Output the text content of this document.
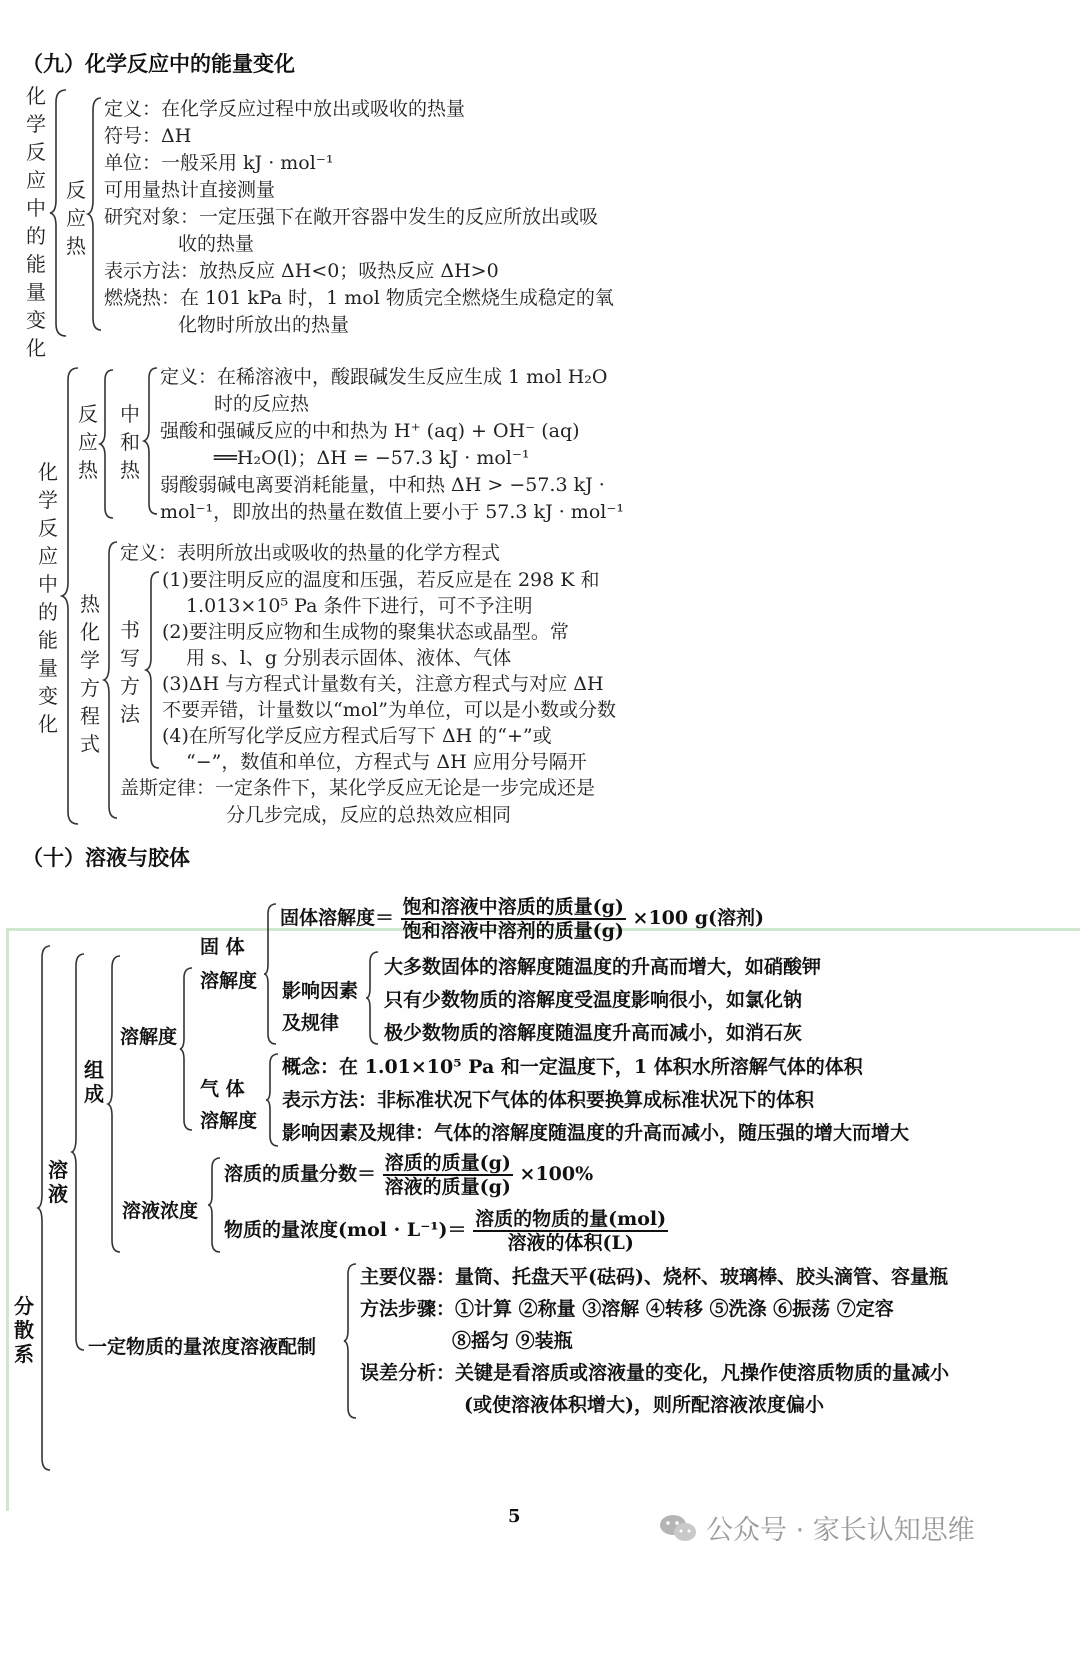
（九）化学反应中的能量变化
化学反应中的能量变化
反应热
定义：在化学反应过程中放出或吸收的热量
符号：ΔH
单位：一般采用 kJ · mol⁻¹
可用量热计直接测量
研究对象：一定压强下在敞开容器中发生的反应所放出或吸
收的热量
表示方法：放热反应 ΔH<0；吸热反应 ΔH>0
燃烧热：在 101 kPa 时，1 mol 物质完全燃烧生成稳定的氧
化物时所放出的热量
化学反应中的能量变化
反应热
中和热
定义：在稀溶液中，酸跟碱发生反应生成 1 mol H₂O
时的反应热
强酸和强碱反应的中和热为 H⁺ (aq) + OH⁻ (aq)
══H₂O(l)；ΔH = −57.3 kJ · mol⁻¹
弱酸弱碱电离要消耗能量，中和热 ΔH > −57.3 kJ ·
mol⁻¹，即放出的热量在数值上要小于 57.3 kJ · mol⁻¹
热化学方程式
定义：表明所放出或吸收的热量的化学方程式
书写方法
(1)要注明反应的温度和压强，若反应是在 298 K 和
1.013×10⁵ Pa 条件下进行，可不予注明
(2)要注明反应物和生成物的聚集状态或晶型。常
用 s、l、g 分别表示固体、液体、气体
(3)ΔH 与方程式计量数有关，注意方程式与对应 ΔH
不要弄错，计量数以“mol”为单位，可以是小数或分数
(4)在所写化学反应方程式后写下 ΔH 的“+”或
“−”，数值和单位，方程式与 ΔH 应用分号隔开
盖斯定律：一定条件下，某化学反应无论是一步完成还是
分几步完成，反应的总热效应相同
（十）溶液与胶体
分散系
溶液
组成
溶解度
固 体
溶解度
固体溶解度＝ $\frac{\text{饱和溶液中溶质的质量(g)}}{\text{饱和溶液中溶剂的质量(g)}} \times 100$ g(溶剂)
影响因素
及规律
大多数固体的溶解度随温度的升高而增大，如硝酸钾
只有少数物质的溶解度受温度影响很小，如氯化钠
极少数物质的溶解度随温度升高而减小，如消石灰
气 体
溶解度
概念：在 1.01×10⁵ Pa 和一定温度下，1 体积水所溶解气体的体积
表示方法：非标准状况下气体的体积要换算成标准状况下的体积
影响因素及规律：气体的溶解度随温度的升高而减小，随压强的增大而增大
溶液浓度
溶质的质量分数＝ $\frac{\text{溶质的质量(g)}}{\text{溶液的质量(g)}} \times 100\%$
物质的量浓度$(mol \cdot L^{-1})= \frac{\text{溶质的物质的量(mol)}}{\text{溶液的体积(L)}}$
一定物质的量浓度溶液配制
主要仪器：量筒、托盘天平(砝码)、烧杯、玻璃棒、胶头滴管、容量瓶
方法步骤：①计算 ②称量 ③溶解 ④转移 ⑤洗涤 ⑥振荡 ⑦定容
⑧摇匀 ⑨装瓶
误差分析：关键是看溶质或溶液量的变化，凡操作使溶质物质的量减小
(或使溶液体积增大)，则所配溶液浓度偏小
5	公众号 · 家长认知思维
